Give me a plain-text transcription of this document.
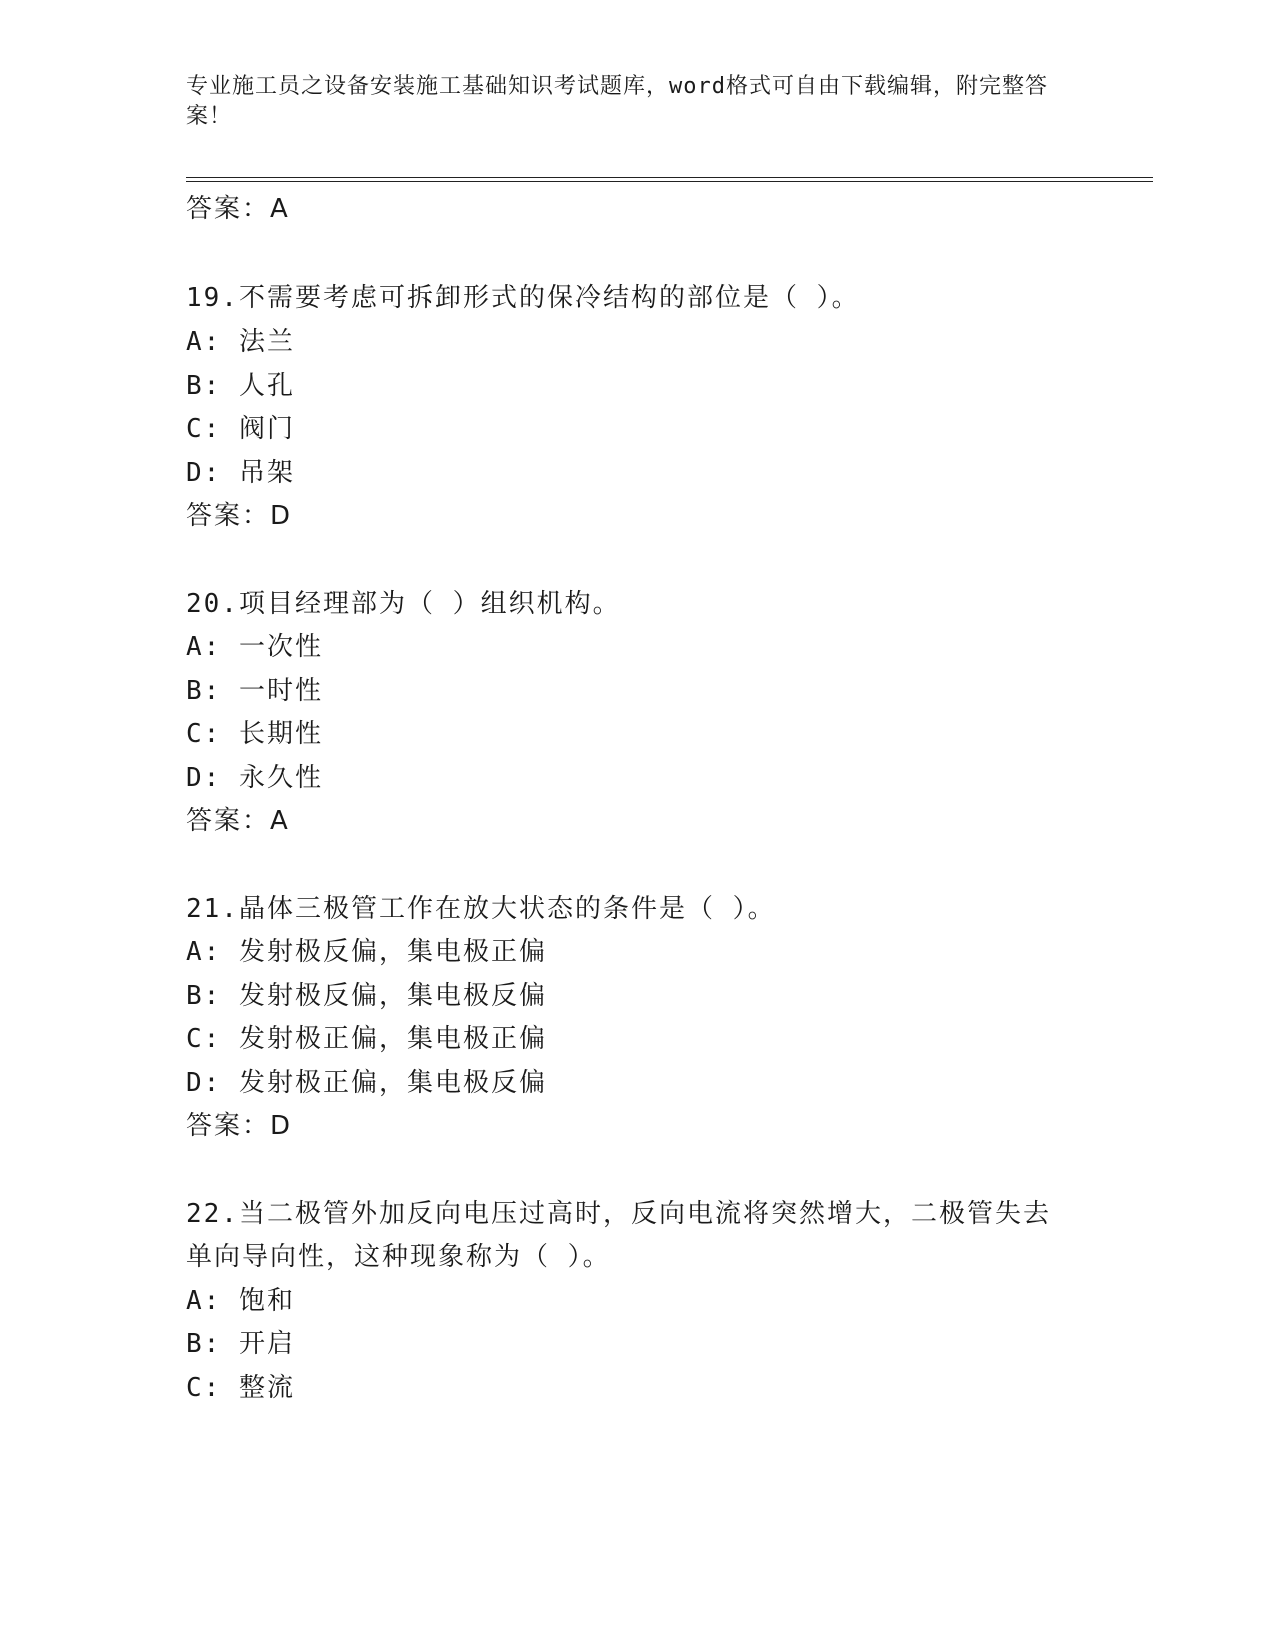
专业施工员之设备安装施工基础知识考试题库，word格式可自由下载编辑，附完整答案！
答案：A
19.不需要考虑可拆卸形式的保冷结构的部位是（ ）。
A: 法兰
B: 人孔
C: 阀门
D: 吊架
答案：D
20.项目经理部为（ ）组织机构。
A: 一次性
B: 一时性
C: 长期性
D: 永久性
答案：A
21.晶体三极管工作在放大状态的条件是（ ）。
A: 发射极反偏，集电极正偏
B: 发射极反偏，集电极反偏
C: 发射极正偏，集电极正偏
D: 发射极正偏，集电极反偏
答案：D
22.当二极管外加反向电压过高时，反向电流将突然增大，二极管失去
单向导向性，这种现象称为（ ）。
A: 饱和
B: 开启
C: 整流
